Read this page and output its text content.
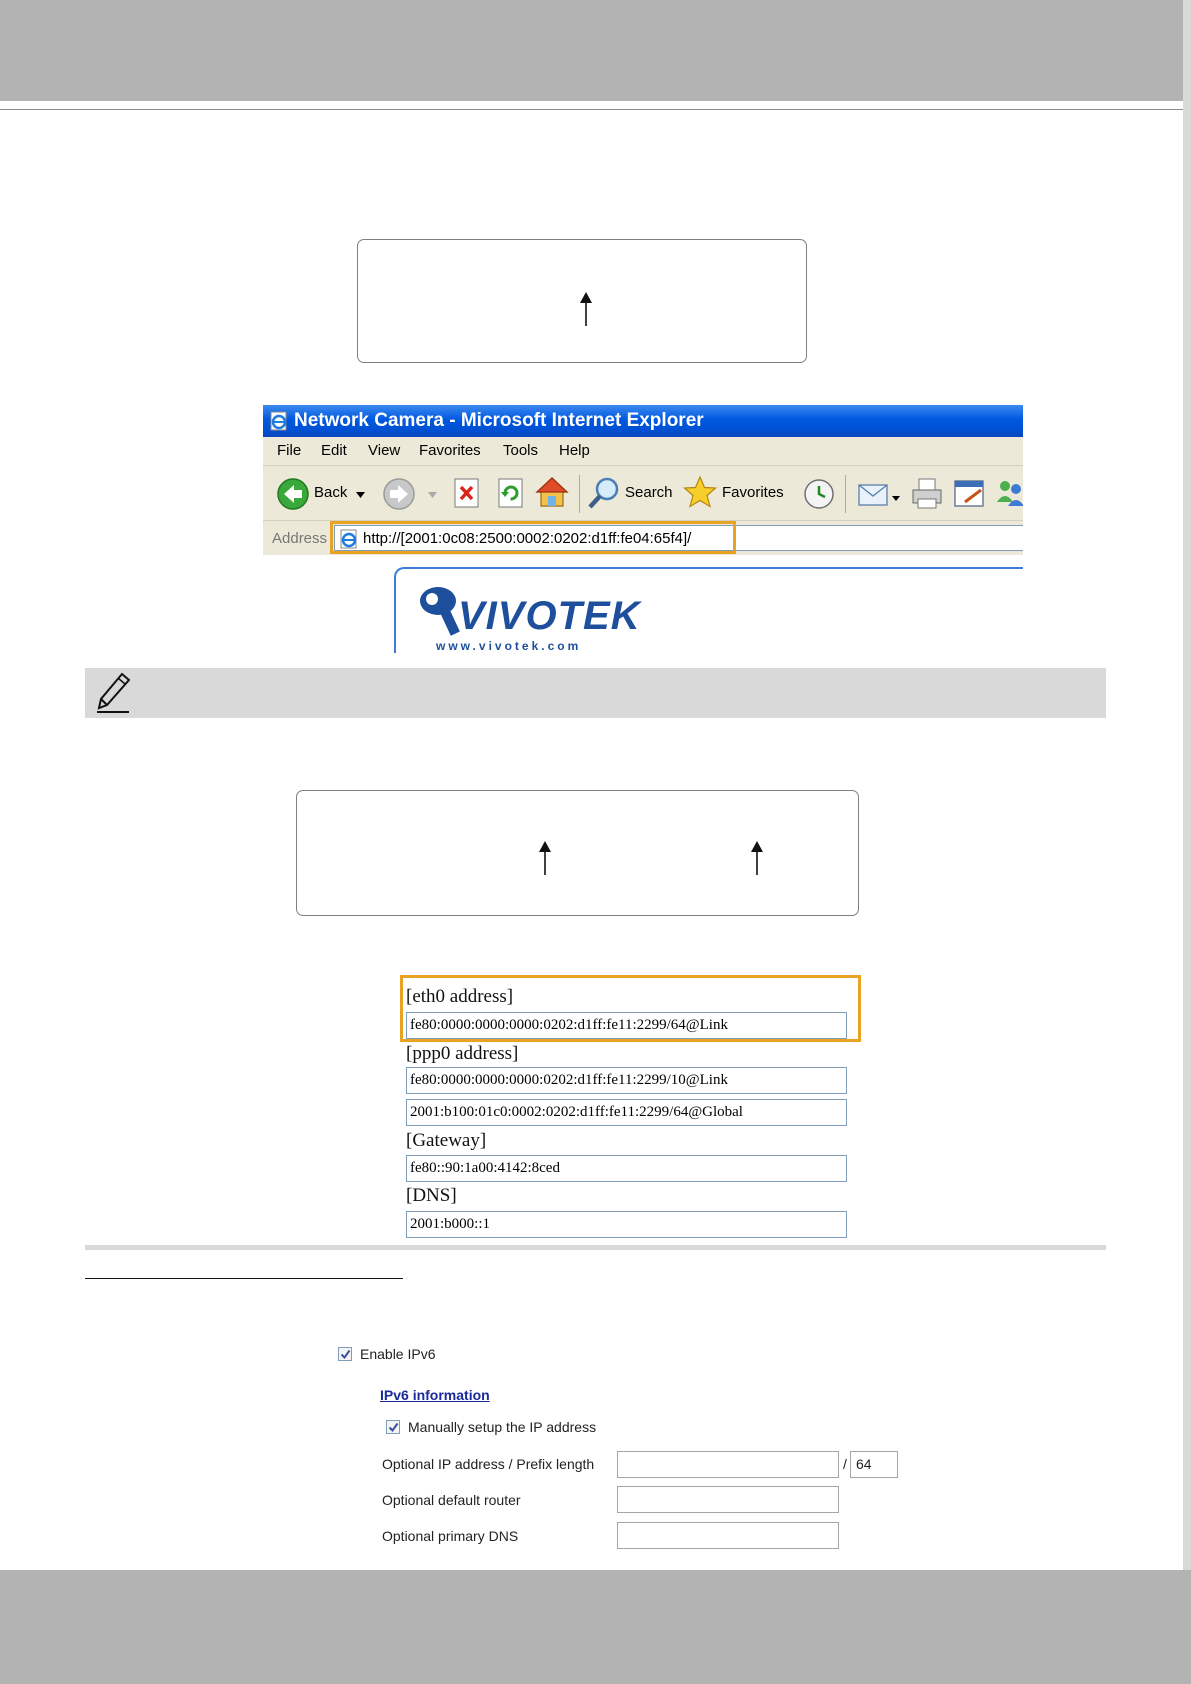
Network Camera - Microsoft Internet Explorer
File Edit View Favorites Tools Help
Back	Search	Favorites
Address http://[2001:0c08:2500:0002:0202:d1ff:fe04:65f4]/
VIVOTEK
www.vivotek.com
[eth0 address]
fe80:0000:0000:0000:0202:d1ff:fe11:2299/64@Link
[ppp0 address]
fe80:0000:0000:0000:0202:d1ff:fe11:2299/10@Link
2001:b100:01c0:0002:0202:d1ff:fe11:2299/64@Global
[Gateway]
fe80::90:1a00:4142:8ced
[DNS]
2001:b000::1
Enable IPv6
IPv6 information
Manually setup the IP address
Optional IP address / Prefix length	/ 64
Optional default router
Optional primary DNS
